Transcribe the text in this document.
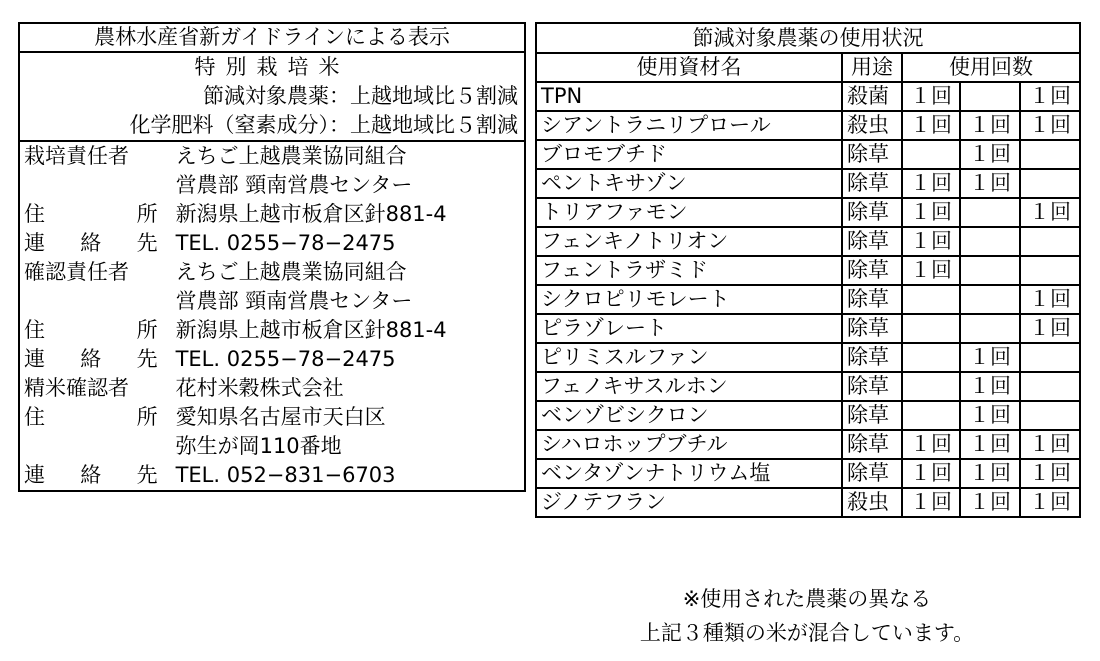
農林水産省新ガイドラインによる表示	
特別栽培米	
節減対象農薬：上越地域比５割減	
化学肥料（窒素成分）：上越地域比５割減	
栽培責任者	えちご上越農業協同組合
	営農部 頸南営農センター

住 所	新潟県上越市板倉区針881-4

連 絡 先	TEL. 0255−78−2475
確認責任者	えちご上越農業協同組合
	営農部 頸南営農センター

住 所	新潟県上越市板倉区針881-4

連 絡 先	TEL. 0255−78−2475
精米確認者	花村米穀株式会社

住 所	愛知県名古屋市天白区
	弥生が岡110番地

連 絡 先	TEL. 052−831−6703
節減対象農薬の使用状況				
使用資材名	用途	使用回数		
TPN	殺菌	１回		１回
シアントラニリプロール	殺虫	１回	１回	１回
ブロモブチド	除草		１回	
ペントキサゾン	除草	１回	１回	
トリアファモン	除草	１回		１回
フェンキノトリオン	除草	１回		
フェントラザミド	除草	１回		
シクロピリモレート	除草			１回
ピラゾレート	除草			１回
ピリミスルファン	除草		１回	
フェノキサスルホン	除草		１回	
ベンゾビシクロン	除草		１回	
シハロホップブチル	除草	１回	１回	１回
ベンタゾンナトリウム塩	除草	１回	１回	１回
ジノテフラン	殺虫	１回	１回	１回
※使用された農薬の異なる
上記３種類の米が混合しています。
